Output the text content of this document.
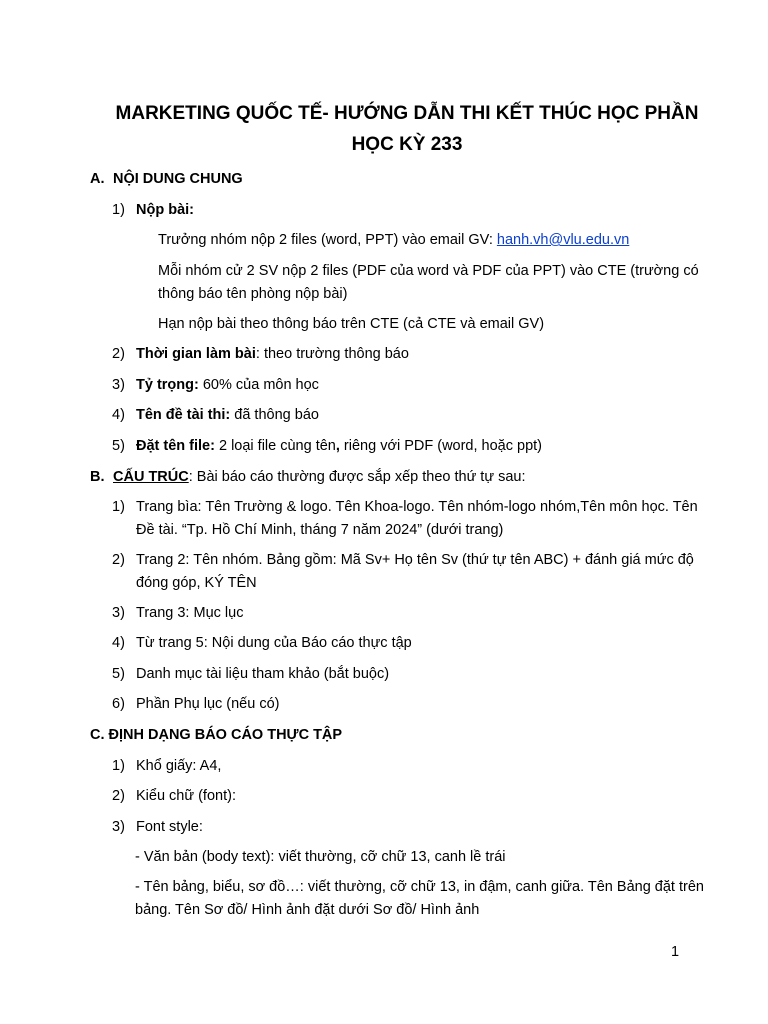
MARKETING QUỐC TẾ- HƯỚNG DẪN THI KẾT THÚC HỌC PHẦN
HỌC KỲ 233
A. NỘI DUNG CHUNG
1) Nộp bài:
Trưởng nhóm nộp 2 files (word, PPT) vào email GV: hanh.vh@vlu.edu.vn
Mỗi nhóm cử 2 SV nộp 2 files (PDF của word và PDF của PPT) vào CTE (trường có
thông báo tên phòng nộp bài)
Hạn nộp bài theo thông báo trên CTE (cả CTE và email GV)
2) Thời gian làm bài: theo trường thông báo
3) Tỷ trọng: 60% của môn học
4) Tên đề tài thi: đã thông báo
5) Đặt tên file: 2 loại file cùng tên, riêng với PDF (word, hoặc ppt)
B. CẤU TRÚC: Bài báo cáo thường được sắp xếp theo thứ tự sau:
1) Trang bìa: Tên Trường & logo. Tên Khoa-logo. Tên nhóm-logo nhóm,Tên môn học. Tên
Đề tài. “Tp. Hồ Chí Minh, tháng 7 năm 2024” (dưới trang)
2) Trang 2: Tên nhóm. Bảng gồm: Mã Sv+ Họ tên Sv (thứ tự tên ABC) + đánh giá mức độ
đóng góp, KÝ TÊN
3) Trang 3: Mục lục
4) Từ trang 5: Nội dung của Báo cáo thực tập
5) Danh mục tài liệu tham khảo (bắt buộc)
6) Phần Phụ lục (nếu có)
C. ĐỊNH DẠNG BÁO CÁO THỰC TẬP
1) Khổ giấy: A4,
2) Kiểu chữ (font):
3) Font style:
- Văn bản (body text): viết thường, cỡ chữ 13, canh lề trái
- Tên bảng, biểu, sơ đồ…: viết thường, cỡ chữ 13, in đậm, canh giữa. Tên Bảng đặt trên
bảng. Tên Sơ đồ/ Hình ảnh đặt dưới Sơ đồ/ Hình ảnh
1
